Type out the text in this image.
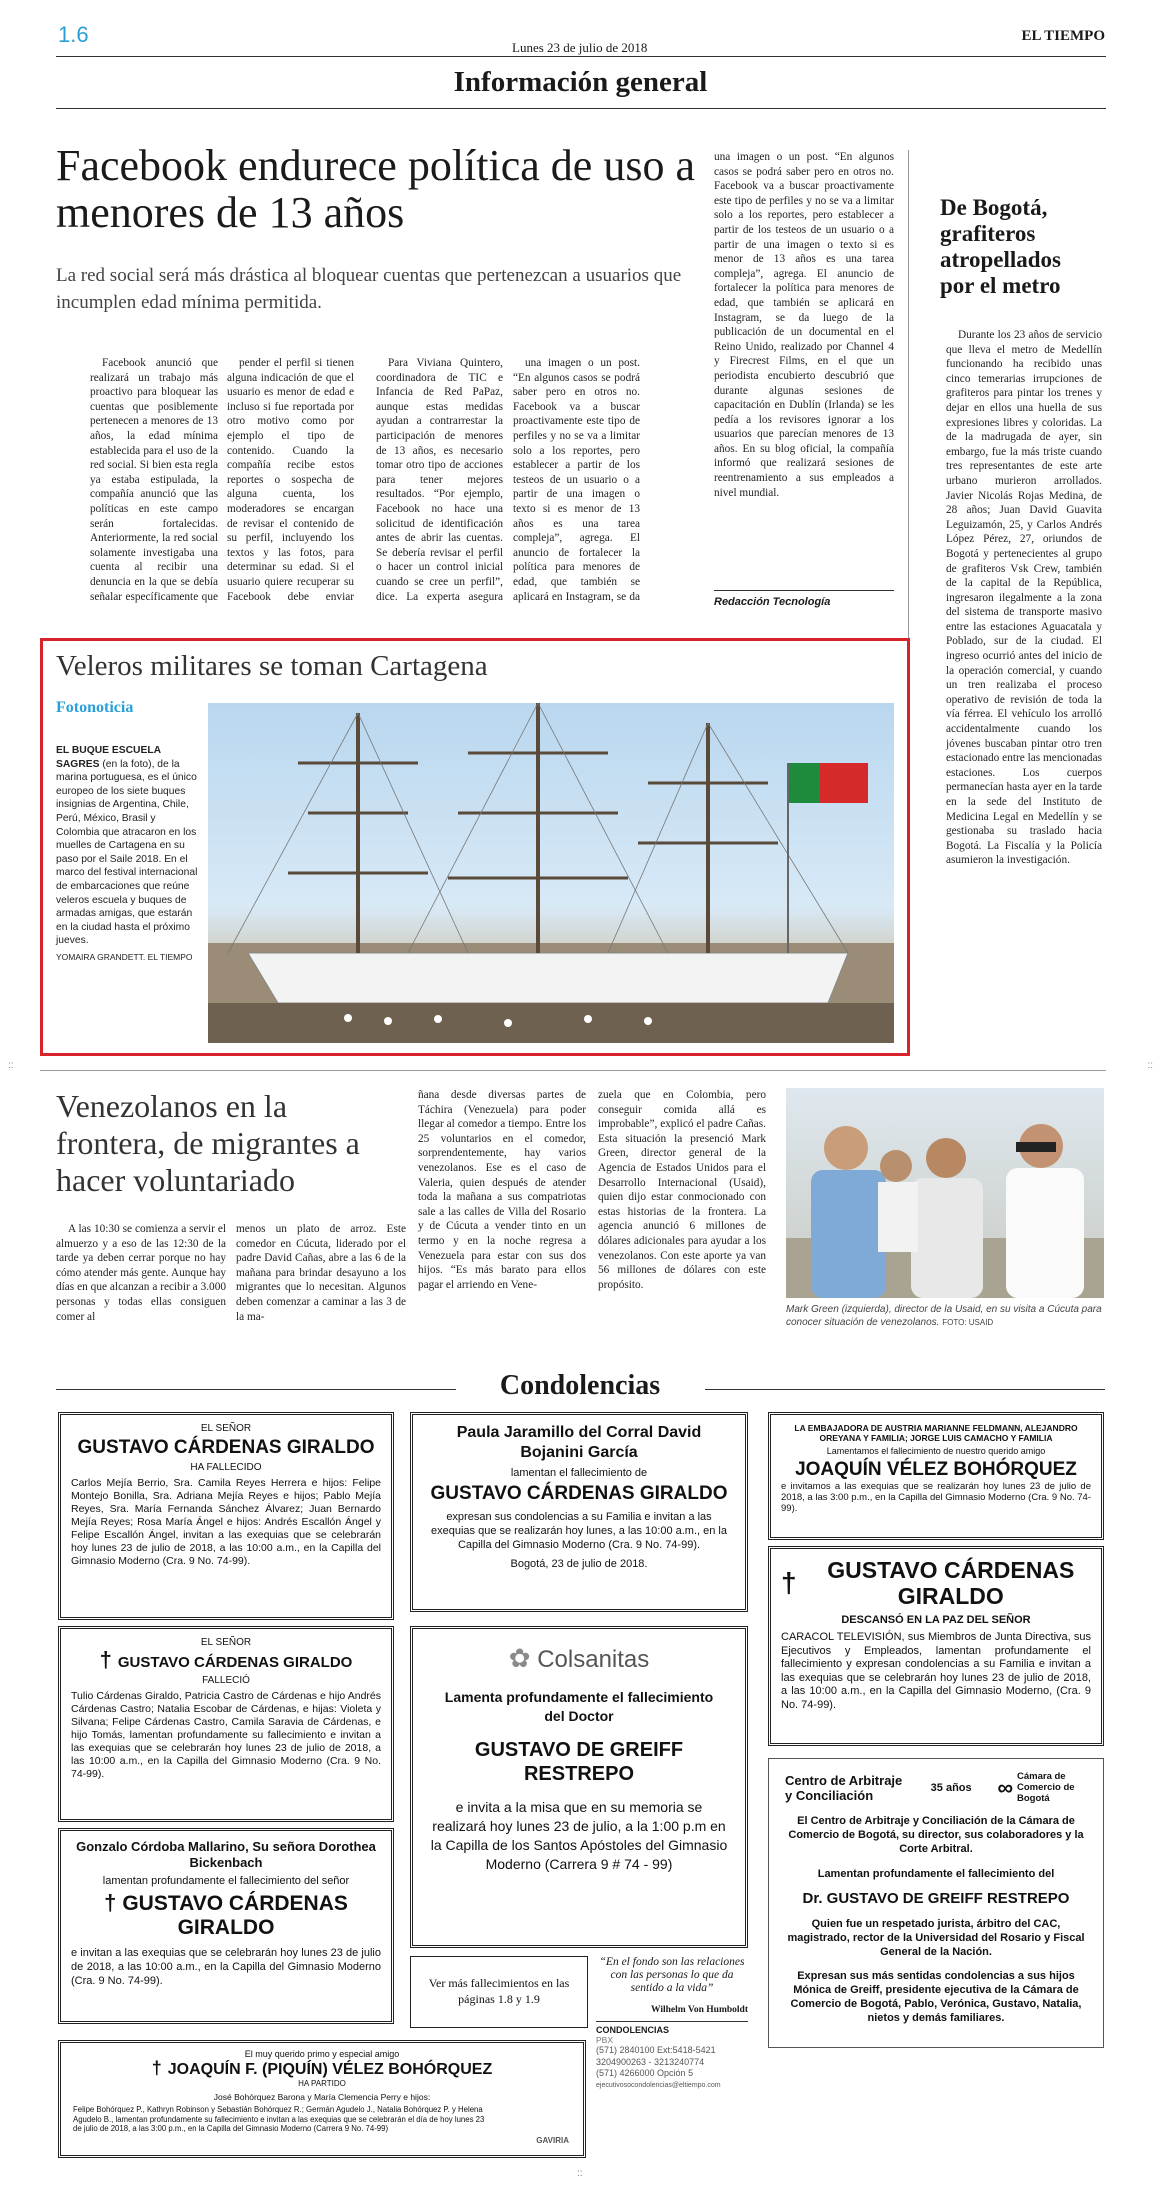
1.6
Lunes 23 de julio de 2018
EL TIEMPO
Información general
Facebook endurece política de uso a menores de 13 años
La red social será más drástica al bloquear cuentas que pertenezcan a usuarios que incumplen edad mínima permitida.

Facebook anunció que realizará un trabajo más proactivo para bloquear las cuentas que posiblemente pertenecen a menores de 13 años, la edad mínima establecida para el uso de la red social. Si bien esta regla ya estaba estipulada, la compañía anunció que las políticas en este campo serán fortalecidas. Anteriormente, la red social solamente investigaba una cuenta al recibir una denuncia en la que se debía señalar específicamente que

pender el perfil si tienen alguna indicación de que el usuario es menor de edad e incluso si fue reportada por otro motivo como por ejemplo el tipo de contenido. Cuando la compañía recibe estos reportes o sospecha de alguna cuenta, los moderadores se encargan de revisar el contenido de su perfil, incluyendo los textos y las fotos, para determinar su edad. Si el usuario quiere recuperar su Facebook debe enviar

Para Viviana Quintero, coordinadora de TIC e Infancia de Red PaPaz, aunque estas medidas ayudan a contrarrestar la participación de menores de 13 años, es necesario tomar otro tipo de acciones para tener mejores resultados. “Por ejemplo, Facebook no hace una solicitud de identificación antes de abrir las cuentas. Se debería revisar el perfil o hacer un control inicial cuando se cree un perfil”, dice. La experta asegura

una imagen o un post. “En algunos casos se podrá saber pero en otros no. Facebook va a buscar proactivamente este tipo de perfiles y no se va a limitar solo a los reportes, pero establecer a partir de los testeos de un usuario o a partir de una imagen o texto si es menor de 13 años es una tarea compleja”, agrega. El anuncio de fortalecer la política para menores de edad, que también se aplicará en Instagram, se da

una imagen o un post. “En algunos casos se podrá saber pero en otros no. Facebook va a buscar proactivamente este tipo de perfiles y no se va a limitar solo a los reportes, pero establecer a partir de los testeos de un usuario o a partir de una imagen o texto si es menor de 13 años es una tarea compleja”, agrega. El anuncio de fortalecer la política para menores de edad, que también se aplicará en Instagram, se da luego de la publicación de un documental en el Reino Unido, realizado por Channel 4 y Firecrest Films, en el que un periodista encubierto descubrió que durante algunas sesiones de capacitación en Dublín (Irlanda) se les pedía a los revisores ignorar a los usuarios que parecían menores de 13 años. En su blog oficial, la compañía informó que realizará sesiones de reentrenamiento a sus empleados a nivel mundial.

Redacción Tecnología
De Bogotá, grafiteros atropellados por el metro

Durante los 23 años de servicio que lleva el metro de Medellín funcionando ha recibido unas cinco temerarias irrupciones de grafiteros para pintar los trenes y dejar en ellos una huella de sus expresiones libres y coloridas. La de la madrugada de ayer, sin embargo, fue la más triste cuando tres representantes de este arte urbano murieron arrollados. Javier Nicolás Rojas Medina, de 28 años; Juan David Guavita Leguizamón, 25, y Carlos Andrés López Pérez, 27, oriundos de Bogotá y pertenecientes al grupo de grafiteros Vsk Crew, también de la capital de la República, ingresaron ilegalmente a la zona del sistema de transporte masivo entre las estaciones Aguacatala y Poblado, sur de la ciudad. El ingreso ocurrió antes del inicio de la operación comercial, y cuando un tren realizaba el proceso operativo de revisión de toda la vía férrea. El vehículo los arrolló accidentalmente cuando los jóvenes buscaban pintar otro tren estacionado entre las mencionadas estaciones. Los cuerpos permanecían hasta ayer en la tarde en la sede del Instituto de Medicina Legal en Medellín y se gestionaba su traslado hacia Bogotá. La Fiscalía y la Policía asumieron la investigación.

Veleros militares se toman Cartagena
Fotonoticia
EL BUQUE ESCUELA SAGRES (en la foto), de la marina portuguesa, es el único europeo de los siete buques insignias de Argentina, Chile, Perú, México, Brasil y Colombia que atracaron en los muelles de Cartagena en su paso por el Saile 2018. En el marco del festival internacional de embarcaciones que reúne veleros escuela y buques de armadas amigas, que estarán en la ciudad hasta el próximo jueves.
YOMAIRA GRANDETT. EL TIEMPO
::	::
Venezolanos en la frontera, de migrantes a hacer voluntariado

A las 10:30 se comienza a servir el almuerzo y a eso de las 12:30 de la tarde ya deben cerrar porque no hay cómo atender más gente. Aunque hay días en que alcanzan a recibir a 3.000 personas y todas ellas consiguen comer al

menos un plato de arroz. Este comedor en Cúcuta, liderado por el padre David Cañas, abre a las 6 de la mañana para brindar desayuno a los migrantes que lo necesitan. Algunos deben comenzar a caminar a las 3 de la ma-

ñana desde diversas partes de Táchira (Venezuela) para poder llegar al comedor a tiempo. Entre los 25 voluntarios en el comedor, sorprendentemente, hay varios venezolanos. Ese es el caso de Valeria, quien después de atender toda la mañana a sus compatriotas sale a las calles de Villa del Rosario y de Cúcuta a vender tinto en un termo y en la noche regresa a Venezuela para estar con sus dos hijos. “Es más barato para ellos pagar el arriendo en Vene-

zuela que en Colombia, pero conseguir comida allá es improbable”, explicó el padre Cañas. Esta situación la presenció Mark Green, director general de la Agencia de Estados Unidos para el Desarrollo Internacional (Usaid), quien dijo estar conmocionado con estas historias de la frontera. La agencia anunció 6 millones de dólares adicionales para ayudar a los venezolanos. Con este aporte ya van 56 millones de dólares con este propósito.

Mark Green (izquierda), director de la Usaid, en su visita a Cúcuta para conocer situación de venezolanos. FOTO: USAID
Condolencias
EL SEÑOR
GUSTAVO CÁRDENAS GIRALDO
HA FALLECIDO
Carlos Mejía Berrio, Sra. Camila Reyes Herrera e hijos: Felipe Montejo Bonilla, Sra. Adriana Mejía Reyes e hijos; Pablo Mejía Reyes, Sra. María Fernanda Sánchez Álvarez; Juan Bernardo Mejía Reyes; Rosa María Ángel e hijos: Andrés Escallón Ángel y Felipe Escallón Ángel, invitan a las exequias que se celebrarán hoy lunes 23 de julio de 2018, a las 10:00 a.m., en la Capilla del Gimnasio Moderno (Cra. 9 No. 74-99).
EL SEÑOR
† GUSTAVO CÁRDENAS GIRALDO
FALLECIÓ
Tulio Cárdenas Giraldo, Patricia Castro de Cárdenas e hijo Andrés Cárdenas Castro; Natalia Escobar de Cárdenas, e hijas: Violeta y Silvana; Felipe Cárdenas Castro, Camila Saravia de Cárdenas, e hijo Tomás, lamentan profundamente su fallecimiento e invitan a las exequias que se celebrarán hoy lunes 23 de julio de 2018, a las 10:00 a.m., en la Capilla del Gimnasio Moderno (Cra. 9 No. 74-99).
Gonzalo Córdoba Mallarino, Su señora Dorothea Bickenbach
lamentan profundamente el fallecimiento del señor
† GUSTAVO CÁRDENAS GIRALDO
e invitan a las exequias que se celebrarán hoy lunes 23 de julio de 2018, a las 10:00 a.m., en la Capilla del Gimnasio Moderno (Cra. 9 No. 74-99).
Paula Jaramillo del Corral David Bojanini García
lamentan el fallecimiento de
GUSTAVO CÁRDENAS GIRALDO
expresan sus condolencias a su Familia e invitan a las exequias que se realizarán hoy lunes, a las 10:00 a.m., en la Capilla del Gimnasio Moderno (Cra. 9 No. 74-99).
Bogotá, 23 de julio de 2018.
✿ Colsanitas
Lamenta profundamente el fallecimiento del Doctor
GUSTAVO DE GREIFF RESTREPO
e invita a la misa que en su memoria se realizará hoy lunes 23 de julio, a la 1:00 p.m en la Capilla de los Santos Apóstoles del Gimnasio Moderno (Carrera 9 # 74 - 99)
Ver más fallecimientos en las páginas 1.8 y 1.9
“En el fondo son las relaciones con las personas lo que da sentido a la vida”
Wilhelm Von Humboldt
CONDOLENCIAS
PBX
(571) 2840100 Ext:5418-5421
3204900263 - 3213240774
(571) 4266000 Opción 5
ejecutivosocondolencias@eltiempo.com
LA EMBAJADORA DE AUSTRIA MARIANNE FELDMANN, ALEJANDRO OREYANA Y FAMILIA; JORGE LUIS CAMACHO Y FAMILIA
Lamentamos el fallecimiento de nuestro querido amigo
JOAQUÍN VÉLEZ BOHÓRQUEZ
e invitamos a las exequias que se realizarán hoy lunes 23 de julio de 2018, a las 3:00 p.m., en la Capilla del Gimnasio Moderno (Cra. 9 No. 74-99).
†	GUSTAVO CÁRDENAS GIRALDO
DESCANSÓ EN LA PAZ DEL SEÑOR
CARACOL TELEVISIÓN, sus Miembros de Junta Directiva, sus Ejecutivos y Empleados, lamentan profundamente el fallecimiento y expresan condolencias a su Familia e invitan a las exequias que se celebrarán hoy lunes 23 de julio de 2018, a las 10:00 a.m., en la Capilla del Gimnasio Moderno, (Cra. 9 No. 74-99).
Centro de Arbitraje y Conciliación	35 años ∞ Cámara de Comercio de Bogotá
El Centro de Arbitraje y Conciliación de la Cámara de Comercio de Bogotá, su director, sus colaboradores y la Corte Arbitral.
Lamentan profundamente el fallecimiento del
Dr. GUSTAVO DE GREIFF RESTREPO
Quien fue un respetado jurista, árbitro del CAC, magistrado, rector de la Universidad del Rosario y Fiscal General de la Nación.
Expresan sus más sentidas condolencias a sus hijos Mónica de Greiff, presidente ejecutiva de la Cámara de Comercio de Bogotá, Pablo, Verónica, Gustavo, Natalia, nietos y demás familiares.
El muy querido primo y especial amigo
† JOAQUÍN F. (PIQUÍN) VÉLEZ BOHÓRQUEZ
HA PARTIDO
José Bohórquez Barona y María Clemencia Perry e hijos:
Felipe Bohórquez P., Kathryn Robinson y Sebastián Bohórquez R.; Germán Agudelo J., Natalia Bohórquez P. y Helena Agudelo B., lamentan profundamente su fallecimiento e invitan a las exequias que se celebrarán el día de hoy lunes 23 de julio de 2018, a las 3:00 p.m., en la Capilla del Gimnasio Moderno (Carrera 9 No. 74-99)
GAVIRIA
::
